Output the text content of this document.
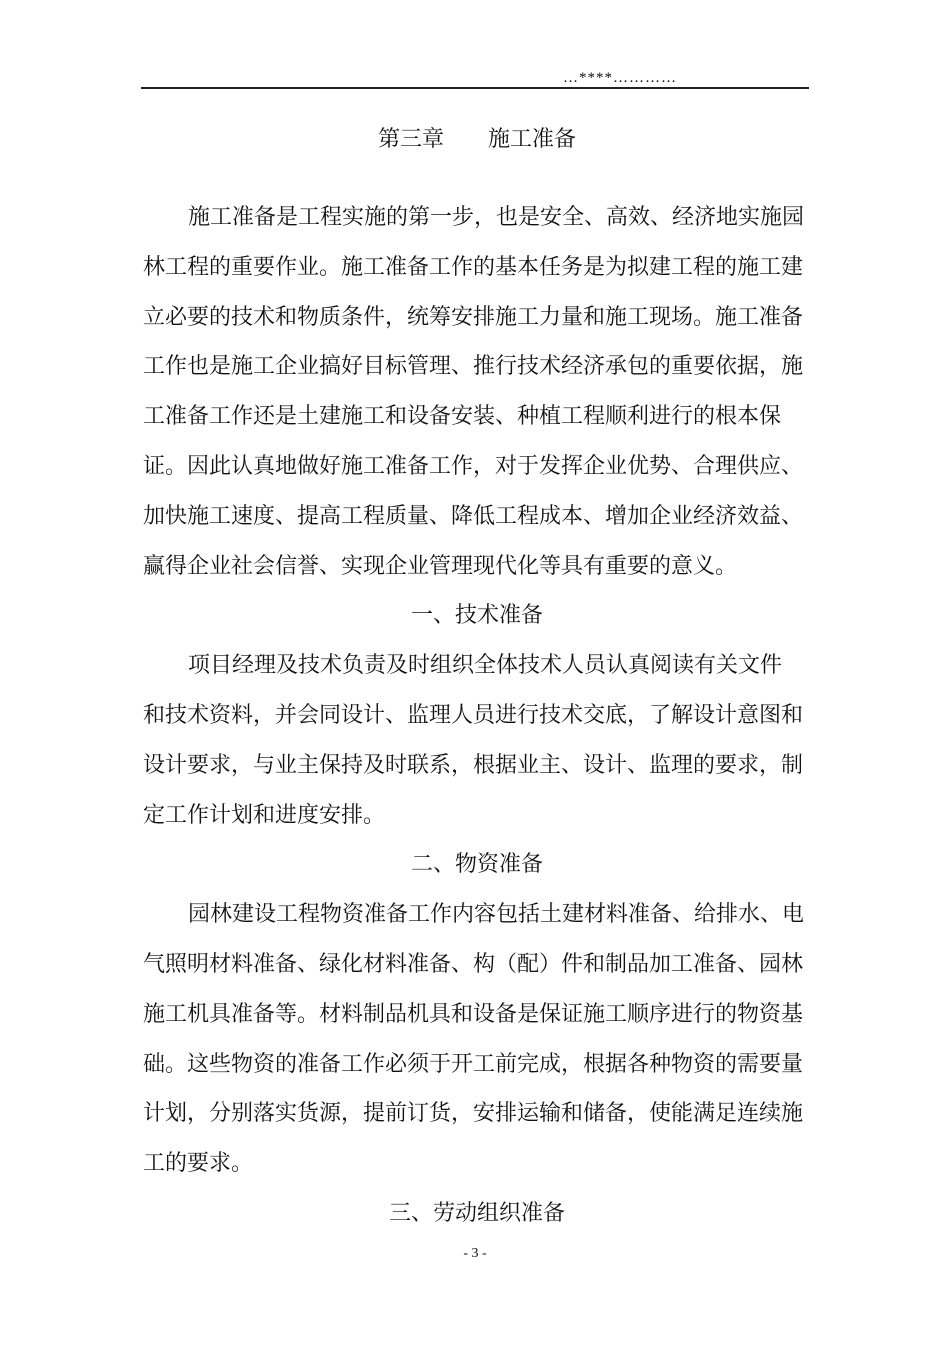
…****…………
第三章　　施工准备
施工准备是工程实施的第一步，也是安全、高效、经济地实施园
林工程的重要作业。施工准备工作的基本任务是为拟建工程的施工建
立必要的技术和物质条件，统筹安排施工力量和施工现场。施工准备
工作也是施工企业搞好目标管理、推行技术经济承包的重要依据，施
工准备工作还是土建施工和设备安装、种植工程顺利进行的根本保
证。因此认真地做好施工准备工作，对于发挥企业优势、合理供应、
加快施工速度、提高工程质量、降低工程成本、增加企业经济效益、
赢得企业社会信誉、实现企业管理现代化等具有重要的意义。
一、技术准备
项目经理及技术负责及时组织全体技术人员认真阅读有关文件
和技术资料，并会同设计、监理人员进行技术交底，了解设计意图和
设计要求，与业主保持及时联系，根据业主、设计、监理的要求，制
定工作计划和进度安排。
二、物资准备
园林建设工程物资准备工作内容包括土建材料准备、给排水、电
气照明材料准备、绿化材料准备、构（配）件和制品加工准备、园林
施工机具准备等。材料制品机具和设备是保证施工顺序进行的物资基
础。这些物资的准备工作必须于开工前完成，根据各种物资的需要量
计划，分别落实货源，提前订货，安排运输和储备，使能满足连续施
工的要求。
三、劳动组织准备
- 3 -
